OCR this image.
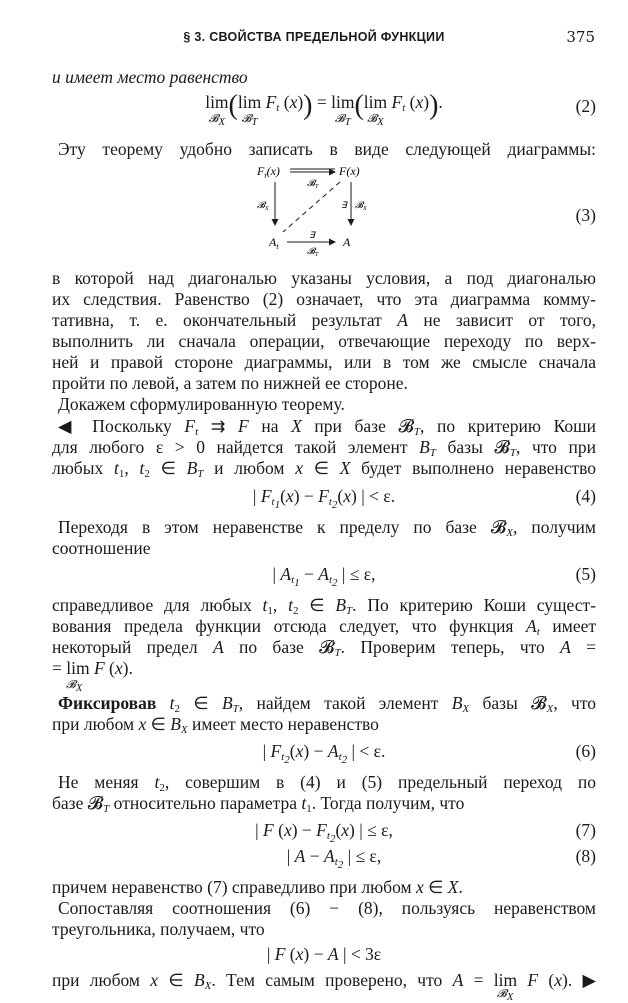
§ 3. СВОЙСТВА ПРЕДЕЛЬНОЙ ФУНКЦИИ	375
и имеет место равенство
lim
𝓑$_X$
(lim
𝓑$_T$
$F_t$ (x)) = lim
𝓑$_T$
(lim
𝓑$_X$
$F_t$ (x)).	(2)
Эту теорему удобно записать в виде следующей диаграммы:
$F_t(x)$	F(x)
𝓑$_T$
𝓑$_X$	∃ 𝓑$_X$
$A_t$	A
∃
𝓑$_T$
(3)
в которой над диагональю указаны условия, а под диагональю
их следствия. Равенство (2) означает, что эта диаграмма комму-
тативна, т. е. окончательный результат A не зависит от того,
выполнить ли сначала операции, отвечающие переходу по верх-
ней и правой стороне диаграммы, или в том же смысле сначала
пройти по левой, а затем по нижней ее стороне.
Докажем сформулированную теорему.
◀ Поскольку $F_t$ ⇉ F на X при базе 𝓑$_T$, по критерию Коши
для любого ε > 0 найдется такой элемент $B_T$ базы 𝓑$_T$, что при
любых $t_1$, $t_2$ ∈ $B_T$ и любом x ∈ X будет выполнено неравенство
| $F_{t_1}(x) - F_{t_2}(x)$ | < ε.	(4)
Переходя в этом неравенстве к пределу по базе 𝓑$_X$, получим
соотношение
| $A_{t_1} - A_{t_2}$ | ≤ ε,	(5)
справедливое для любых $t_1$, $t_2$ ∈ $B_T$. По критерию Коши сущест-
вования предела функции отсюда следует, что функция $A_t$ имеет
некоторый предел A по базе 𝓑$_T$. Проверим теперь, что A =
= lim F (x).
𝓑$_X$
Фиксировав $t_2$ ∈ $B_T$, найдем такой элемент $B_X$ базы 𝓑$_X$, что
при любом x ∈ $B_X$ имеет место неравенство
| $F_{t_2}(x) - A_{t_2}$ | < ε.	(6)
Не меняя $t_2$, совершим в (4) и (5) предельный переход по
базе 𝓑$_T$ относительно параметра $t_1$. Тогда получим, что
| F $(x) - F_{t_2}(x)$ | ≤ ε,	(7)
| $A - A_{t_2}$ | ≤ ε,	(8)
причем неравенство (7) справедливо при любом x ∈ X.
Сопоставляя соотношения (6) − (8), пользуясь неравенством
треугольника, получаем, что
| F (x) − A | < 3ε
при любом x ∈ $B_X$. Тем самым проверено, что A = lim F (x). ▶
𝓑$_X$
